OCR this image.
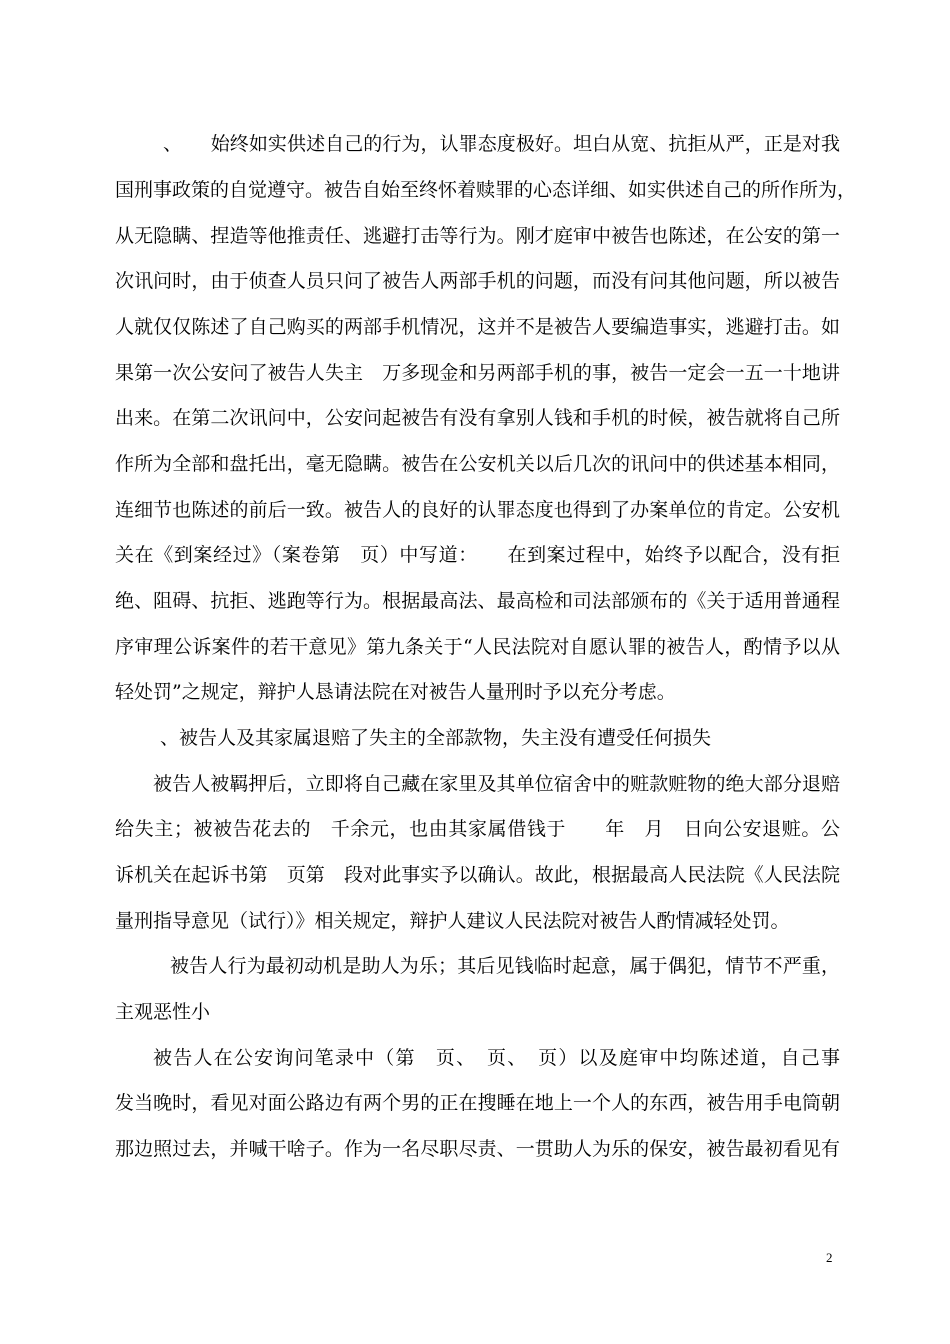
、　　始终如实供述自己的行为，认罪态度极好。坦白从宽、抗拒从严，正是对我
国刑事政策的自觉遵守。被告自始至终怀着赎罪的心态详细、如实供述自己的所作所为，
从无隐瞒、捏造等他推责任、逃避打击等行为。刚才庭审中被告也陈述，在公安的第一
次讯问时，由于侦查人员只问了被告人两部手机的问题，而没有问其他问题，所以被告
人就仅仅陈述了自己购买的两部手机情况，这并不是被告人要编造事实，逃避打击。如
果第一次公安问了被告人失主　万多现金和另两部手机的事，被告一定会一五一十地讲
出来。在第二次讯问中，公安问起被告有没有拿别人钱和手机的时候，被告就将自己所
作所为全部和盘托出，毫无隐瞒。被告在公安机关以后几次的讯问中的供述基本相同，
连细节也陈述的前后一致。被告人的良好的认罪态度也得到了办案单位的肯定。公安机
关在《到案经过》（案卷第　页）中写道：　　在到案过程中，始终予以配合，没有拒
绝、阻碍、抗拒、逃跑等行为。根据最高法、最高检和司法部颁布的《关于适用普通程
序审理公诉案件的若干意见》第九条关于“人民法院对自愿认罪的被告人，酌情予以从
轻处罚”之规定，辩护人恳请法院在对被告人量刑时予以充分考虑。
、被告人及其家属退赔了失主的全部款物，失主没有遭受任何损失
被告人被羁押后，立即将自己藏在家里及其单位宿舍中的赃款赃物的绝大部分退赔
给失主；被被告花去的　千余元，也由其家属借钱于　　年　月　日向公安退赃。公
诉机关在起诉书第　页第　段对此事实予以确认。故此，根据最高人民法院《人民法院
量刑指导意见（试行）》相关规定，辩护人建议人民法院对被告人酌情减轻处罚。
被告人行为最初动机是助人为乐；其后见钱临时起意，属于偶犯，情节不严重，
主观恶性小
被告人在公安询问笔录中（第　页、　页、　页）以及庭审中均陈述道，自己事
发当晚时，看见对面公路边有两个男的正在搜睡在地上一个人的东西，被告用手电筒朝
那边照过去，并喊干啥子。作为一名尽职尽责、一贯助人为乐的保安，被告最初看见有
2
